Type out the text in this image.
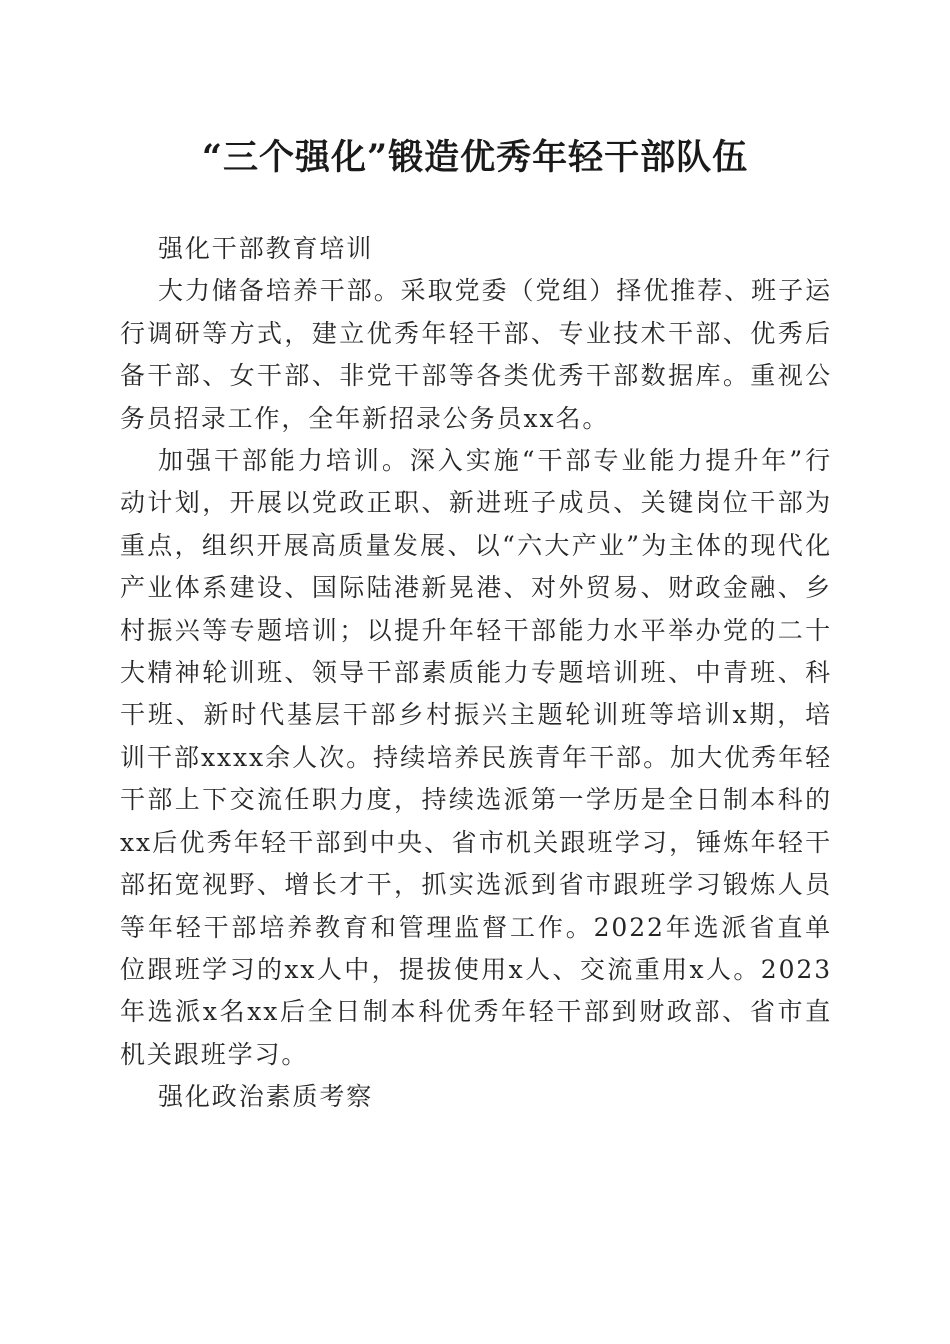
“三个强化”锻造优秀年轻干部队伍

强化干部教育培训

大力储备培养干部。采取党委（党组）择优推荐、班子运行调研等方式，建立优秀年轻干部、专业技术干部、优秀后备干部、女干部、非党干部等各类优秀干部数据库。重视公务员招录工作，全年新招录公务员xx名。

加强干部能力培训。深入实施“干部专业能力提升年”行动计划，开展以党政正职、新进班子成员、关键岗位干部为重点，组织开展高质量发展、以“六大产业”为主体的现代化产业体系建设、国际陆港新晃港、对外贸易、财政金融、乡村振兴等专题培训；以提升年轻干部能力水平举办党的二十大精神轮训班、领导干部素质能力专题培训班、中青班、科干班、新时代基层干部乡村振兴主题轮训班等培训x期，培训干部xxxx余人次。持续培养民族青年干部。加大优秀年轻干部上下交流任职力度，持续选派第一学历是全日制本科的xx后优秀年轻干部到中央、省市机关跟班学习，锤炼年轻干部拓宽视野、增长才干，抓实选派到省市跟班学习锻炼人员等年轻干部培养教育和管理监督工作。2022年选派省直单位跟班学习的xx人中，提拔使用x人、交流重用x人。2023年选派x名xx后全日制本科优秀年轻干部到财政部、省市直机关跟班学习。

强化政治素质考察
